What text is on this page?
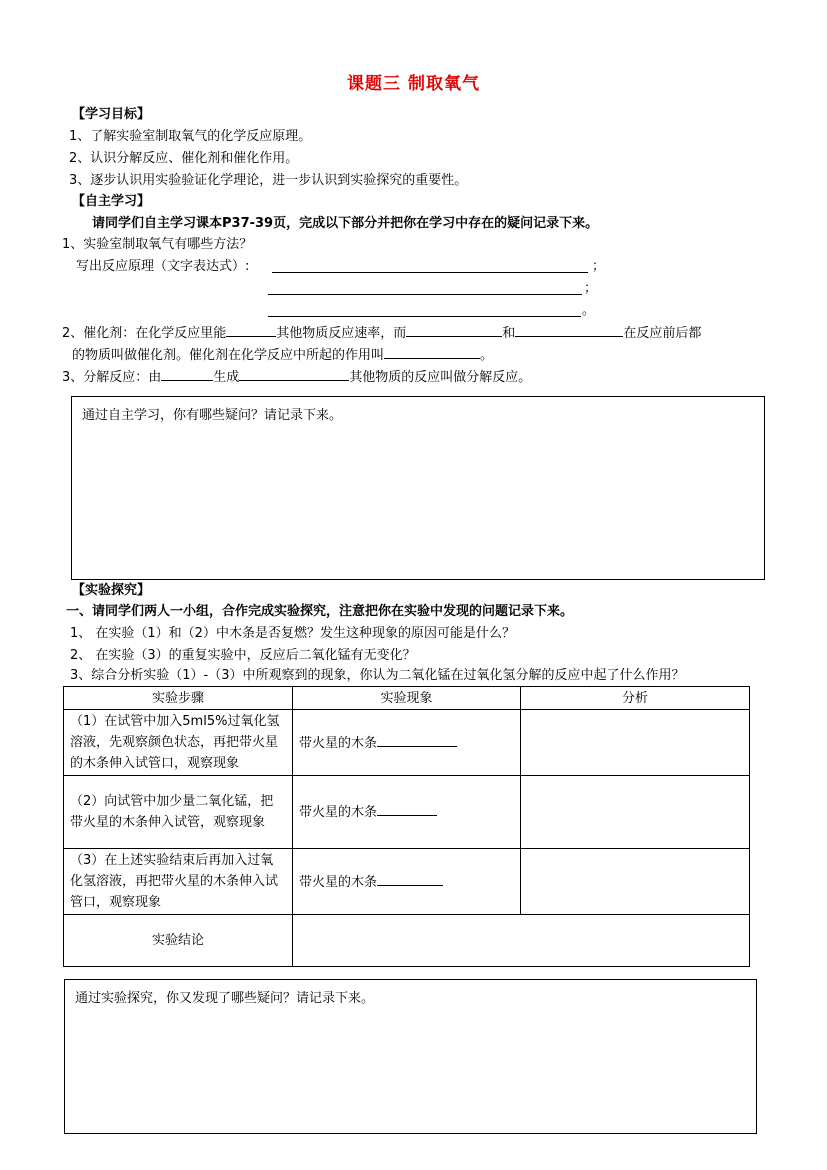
课题三 制取氧气
【学习目标】
1、了解实验室制取氧气的化学反应原理。
2、认识分解反应、催化剂和催化作用。
3、逐步认识用实验验证化学理论，进一步认识到实验探究的重要性。
【自主学习】
请同学们自主学习课本P37-39页，完成以下部分并把你在学习中存在的疑问记录下来。
1、实验室制取氧气有哪些方法？
写出反应原理（文字表达式）:	；
；
。
2、催化剂：在化学反应里能	其他物质反应速率，而	和	在反应前后都
的物质叫做催化剂。催化剂在化学反应中所起的作用叫	。
3、分解反应：由	生成	其他物质的反应叫做分解反应。
通过自主学习，你有哪些疑问？请记录下来。
【实验探究】
一、请同学们两人一小组，合作完成实验探究，注意把你在实验中发现的问题记录下来。
1、 在实验（1）和（2）中木条是否复燃？发生这种现象的原因可能是什么？
2、 在实验（3）的重复实验中，反应后二氧化锰有无变化？
3、综合分析实验（1）-（3）中所观察到的现象，你认为二氧化锰在过氧化氢分解的反应中起了什么作用？
实验步骤	实验现象	分析
（1）在试管中加入5ml5%过氧化氢溶液，先观察颜色状态，再把带火星的木条伸入试管口，观察现象	带火星的木条	
（2）向试管中加少量二氧化锰，把带火星的木条伸入试管，观察现象	带火星的木条	
（3）在上述实验结束后再加入过氧化氢溶液，再把带火星的木条伸入试管口，观察现象	带火星的木条	
实验结论		
通过实验探究，你又发现了哪些疑问？请记录下来。
